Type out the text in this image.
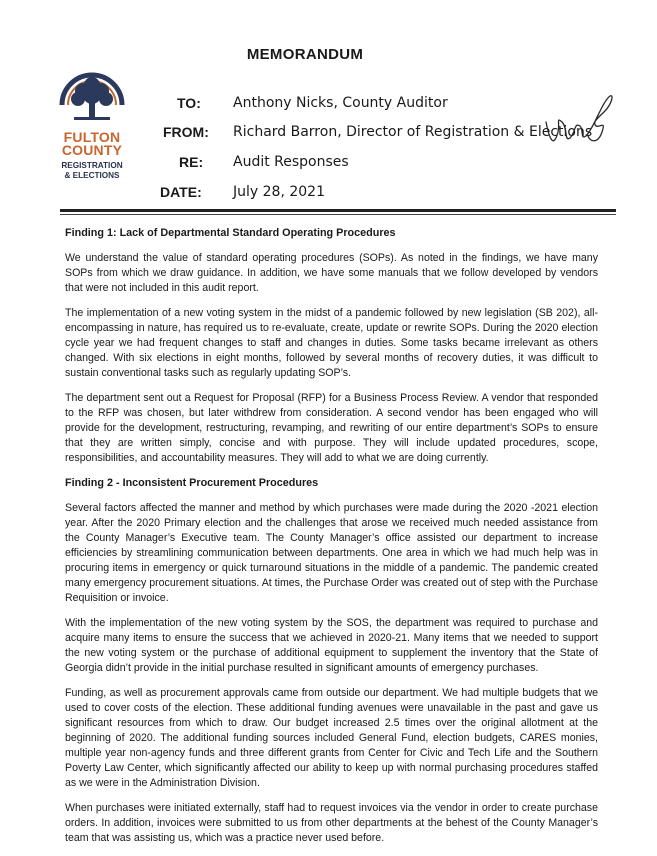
MEMORANDUM
FULTON
COUNTY
REGISTRATION
& ELECTIONS
TO: Anthony Nicks, County Auditor
FROM: Richard Barron, Director of Registration & Elections
RE: Audit Responses
DATE: July 28, 2021
Finding 1: Lack of Departmental Standard Operating Procedures

We understand the value of standard operating procedures (SOPs). As noted in the findings, we have many SOPs from which we draw guidance. In addition, we have some manuals that we follow developed by vendors that were not included in this audit report.

The implementation of a new voting system in the midst of a pandemic followed by new legislation (SB 202), all-encompassing in nature, has required us to re-evaluate, create, update or rewrite SOPs. During the 2020 election cycle year we had frequent changes to staff and changes in duties. Some tasks became irrelevant as others changed. With six elections in eight months, followed by several months of recovery duties, it was difficult to sustain conventional tasks such as regularly updating SOP’s.

The department sent out a Request for Proposal (RFP) for a Business Process Review. A vendor that responded to the RFP was chosen, but later withdrew from consideration. A second vendor has been engaged who will provide for the development, restructuring, revamping, and rewriting of our entire department’s SOPs to ensure that they are written simply, concise and with purpose. They will include updated procedures, scope, responsibilities, and accountability measures. They will add to what we are doing currently.

Finding 2 - Inconsistent Procurement Procedures

Several factors affected the manner and method by which purchases were made during the 2020 -2021 election year. After the 2020 Primary election and the challenges that arose we received much needed assistance from the County Manager’s Executive team. The County Manager’s office assisted our department to increase efficiencies by streamlining communication between departments. One area in which we had much help was in procuring items in emergency or quick turnaround situations in the middle of a pandemic. The pandemic created many emergency procurement situations. At times, the Purchase Order was created out of step with the Purchase Requisition or invoice.

With the implementation of the new voting system by the SOS, the department was required to purchase and acquire many items to ensure the success that we achieved in 2020-21. Many items that we needed to support the new voting system or the purchase of additional equipment to supplement the inventory that the State of Georgia didn’t provide in the initial purchase resulted in significant amounts of emergency purchases.

Funding, as well as procurement approvals came from outside our department. We had multiple budgets that we used to cover costs of the election. These additional funding avenues were unavailable in the past and gave us significant resources from which to draw. Our budget increased 2.5 times over the original allotment at the beginning of 2020. The additional funding sources included General Fund, election budgets, CARES monies, multiple year non-agency funds and three different grants from Center for Civic and Tech Life and the Southern Poverty Law Center, which significantly affected our ability to keep up with normal purchasing procedures staffed as we were in the Administration Division.

When purchases were initiated externally, staff had to request invoices via the vendor in order to create purchase orders. In addition, invoices were submitted to us from other departments at the behest of the County Manager’s team that was assisting us, which was a practice never used before.
